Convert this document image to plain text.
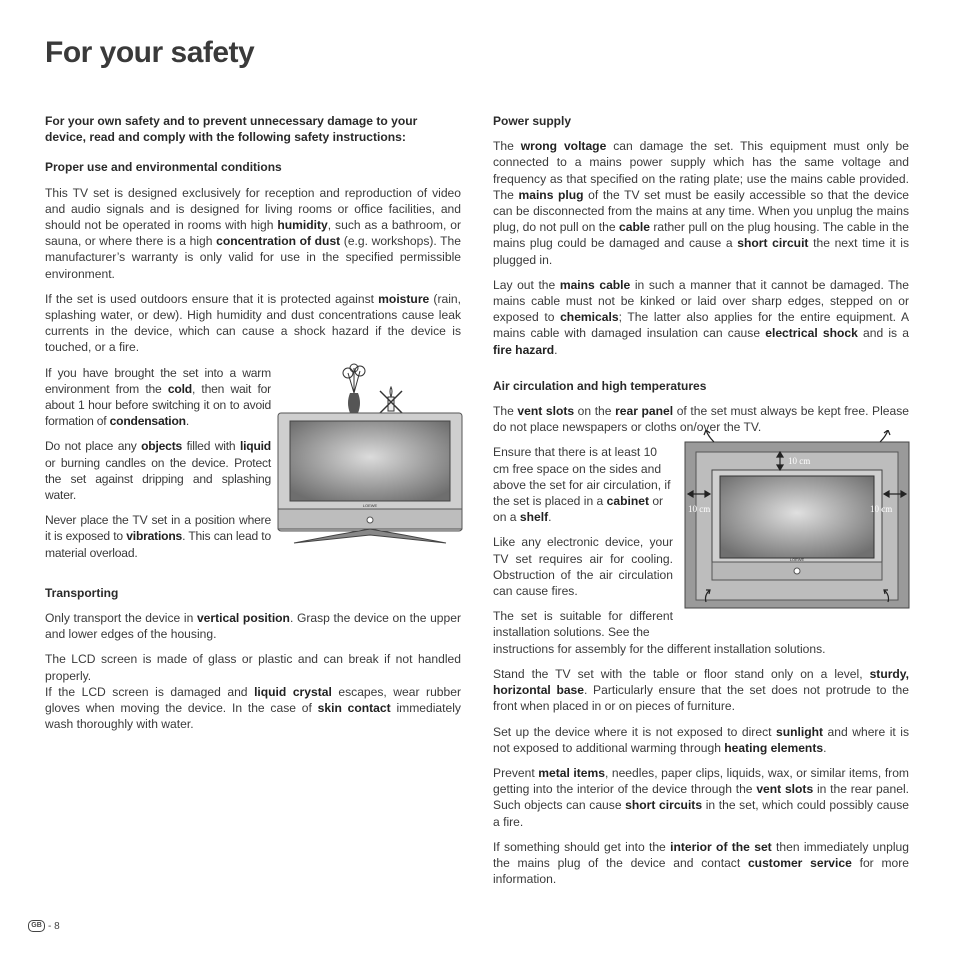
For your safety

For your own safety and to prevent unnecessary damage to your device, read and comply with the following safety instructions:

Proper use and environmental conditions

This TV set is designed exclusively for reception and reproduction of video and audio signals and is designed for living rooms or office facilities, and should not be operated in rooms with high humidity, such as a bathroom, or sauna, or where there is a high concentration of dust (e.g. workshops). The manufacturer’s warranty is only valid for use in the specified permissible environment.

If the set is used outdoors ensure that it is protected against moisture (rain, splashing water, or dew). High humidity and dust concentrations cause leak currents in the device, which can cause a shock hazard if the device is touched, or a fire.

If you have brought the set into a warm environment from the cold, then wait for about 1 hour before switching it on to avoid formation of condensation.

Do not place any objects filled with liquid or burning candles on the device. Protect the set against dripping and splashing water.

Never place the TV set in a position where it is exposed to vibrations. This can lead to material overload.

Transporting

Only transport the device in vertical position. Grasp the device on the upper and lower edges of the housing.

The LCD screen is made of glass or plastic and can break if not handled properly.

If the LCD screen is damaged and liquid crystal escapes, wear rubber gloves when moving the device. In the case of skin contact immediately wash thoroughly with water.

LOEWE
Power supply

The wrong voltage can damage the set. This equipment must only be connected to a mains power supply which has the same voltage and frequency as that specified on the rating plate; use the mains cable provided. The mains plug of the TV set must be easily accessible so that the device can be disconnected from the mains at any time. When you unplug the mains plug, do not pull on the cable rather pull on the plug housing. The cable in the mains plug could be damaged and cause a short circuit the next time it is plugged in.

Lay out the mains cable in such a manner that it cannot be damaged. The mains cable must not be kinked or laid over sharp edges, stepped on or exposed to chemicals; The latter also applies for the entire equipment. A mains cable with damaged insulation can cause electrical shock and is a fire hazard.

Air circulation and high temperatures

The vent slots on the rear panel of the set must always be kept free. Please do not place newspapers or cloths on/over the TV.

Ensure that there is at least 10 cm free space on the sides and above the set for air circulation, if the set is placed in a cabinet or on a shelf.

Like any electronic device, your TV set requires air for cooling. Obstruction of the air circulation can cause fires.

The set is suitable for different installation solutions. See the

instructions for assembly for the different installation solutions.

Stand the TV set with the table or floor stand only on a level, sturdy, horizontal base. Particularly ensure that the set does not protrude to the front when placed in or on pieces of furniture.

Set up the device where it is not exposed to direct sunlight and where it is not exposed to additional warming through heating elements.

Prevent metal items, needles, paper clips, liquids, wax, or similar items, from getting into the interior of the device through the vent slots in the rear panel. Such objects can cause short circuits in the set, which could possibly cause a fire.

If something should get into the interior of the set then immediately unplug the mains plug of the device and contact customer service for more information.

LOEWE
10 cm
10 cm	10 cm
GB - 8
